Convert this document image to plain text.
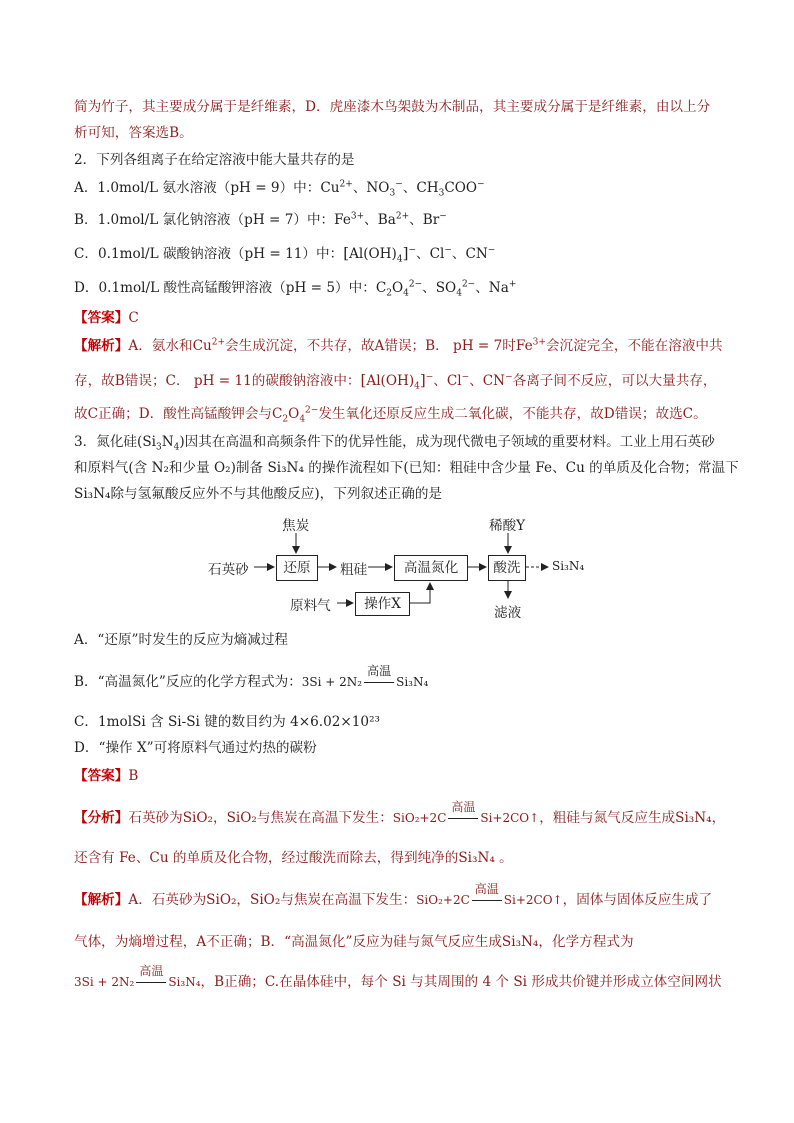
简为竹子，其主要成分属于是纤维素，D．虎座漆木鸟架鼓为木制品，其主要成分属于是纤维素，由以上分
析可知，答案选B。
2．下列各组离子在给定溶液中能大量共存的是
A．1.0mol/L 氨水溶液（pH = 9）中：$Cu^{2+}$、$NO_3^-$、$CH_3COO^-$
B．1.0mol/L 氯化钠溶液（pH = 7）中：$Fe^{3+}$、$Ba^{2+}$、Br−
C．0.1mol/L 碳酸钠溶液（pH = 11）中：$[Al(OH)_4]^-$、Cl−、CN−
D．0.1mol/L 酸性高锰酸钾溶液（pH = 5）中：$C_2O_4^{2-}$、$SO_4^{2-}$、Na+
【答案】C
【解析】A．氨水和$Cu^{2+}$会生成沉淀，不共存，故A错误；B． pH = 7时$Fe^{3+}$会沉淀完全，不能在溶液中共
存，故B错误；C． pH = 11的碳酸钠溶液中：$[Al(OH)_4]^-$、Cl−、CN−各离子间不反应，可以大量共存，
故C正确；D．酸性高锰酸钾会与$C_2O_4^{2-}$发生氧化还原反应生成二氧化碳，不能共存，故D错误；故选C。
3．氮化硅$(Si_3N_4)$因其在高温和高频条件下的优异性能，成为现代微电子领域的重要材料。工业上用石英砂
和原料气(含 N₂和少量 O₂)制备 Si₃N₄ 的操作流程如下(已知：粗硅中含少量 Fe、Cu 的单质及化合物；常温下
Si₃N₄除与氢氟酸反应外不与其他酸反应)，下列叙述正确的是
焦炭
石英砂	还原	粗硅	高温氮化	酸洗
稀酸Y
Si₃N₄
原料气	操作X
滤液
A．“还原”时发生的反应为熵减过程
B．“高温氮化”反应的化学方程式为：3Si + 2N₂
高温
Si₃N₄
C．1molSi 含 Si-Si 键的数目约为 4×6.02×10²³
D．“操作 X”可将原料气通过灼热的碳粉
【答案】B
【分析】石英砂为SiO₂，SiO₂与焦炭在高温下发生：SiO₂+2C
高温
Si+2CO↑，粗硅与氮气反应生成Si₃N₄，
还含有 Fe、Cu 的单质及化合物，经过酸洗而除去，得到纯净的Si₃N₄ 。
【解析】A．石英砂为SiO₂，SiO₂与焦炭在高温下发生：SiO₂+2C
高温
Si+2CO↑，固体与固体反应生成了
气体，为熵增过程，A不正确；B．“高温氮化”反应为硅与氮气反应生成Si₃N₄，化学方程式为
3Si + 2N₂
高温
Si₃N₄，B正确；C.在晶体硅中，每个 Si 与其周围的 4 个 Si 形成共价键并形成立体空间网状
